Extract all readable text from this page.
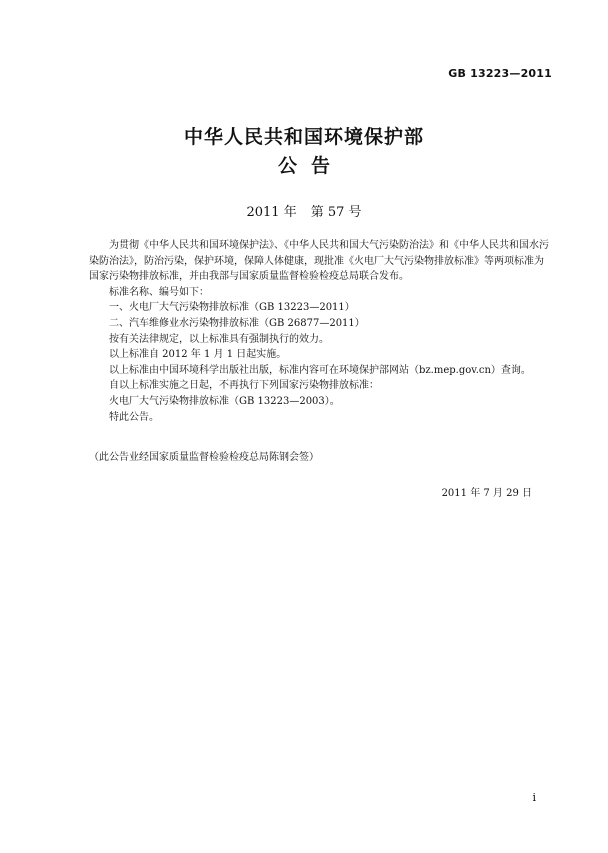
GB 13223—2011
中华人民共和国环境保护部
公告
2011 年 第 57 号

为贯彻《中华人民共和国环境保护法》、《中华人民共和国大气污染防治法》和《中华人民共和国水污染防治法》，防治污染，保护环境，保障人体健康，现批准《火电厂大气污染物排放标准》等两项标准为国家污染物排放标准，并由我部与国家质量监督检验检疫总局联合发布。

标准名称、编号如下：

一、火电厂大气污染物排放标准（GB 13223—2011）

二、汽车维修业水污染物排放标准（GB 26877—2011）

按有关法律规定，以上标准具有强制执行的效力。

以上标准自 2012 年 1 月 1 日起实施。

以上标准由中国环境科学出版社出版，标准内容可在环境保护部网站（bz.mep.gov.cn）查询。

自以上标准实施之日起，不再执行下列国家污染物排放标准：

火电厂大气污染物排放标准（GB 13223—2003）。

特此公告。

（此公告业经国家质量监督检验检疫总局陈钢会签）
2011 年 7 月 29 日
i
